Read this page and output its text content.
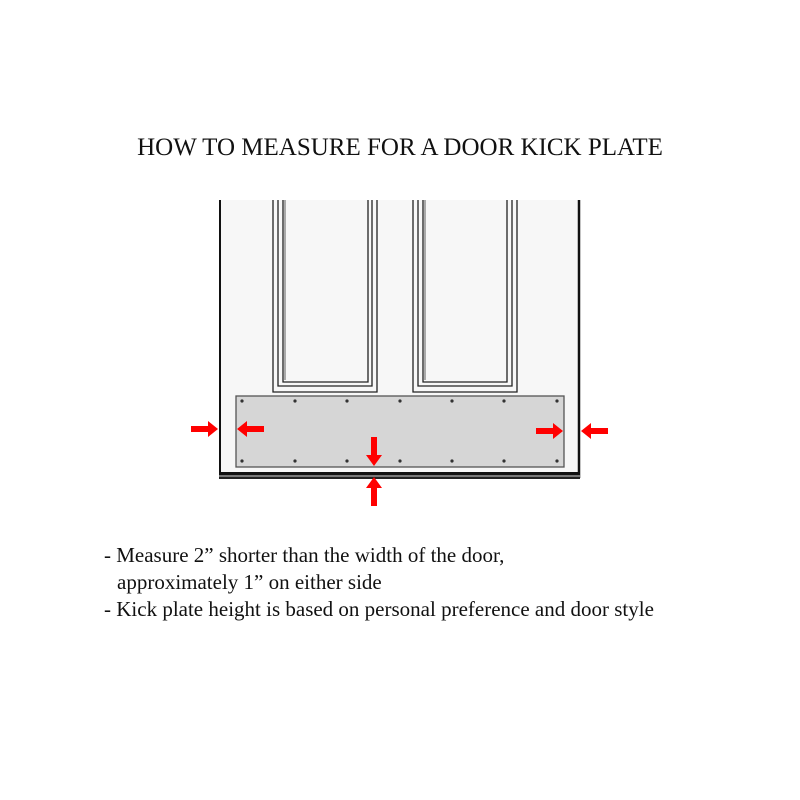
HOW TO MEASURE FOR A DOOR KICK PLATE
- Measure 2” shorter than the width of the door,
approximately 1” on either side
- Kick plate height is based on personal preference and door style
